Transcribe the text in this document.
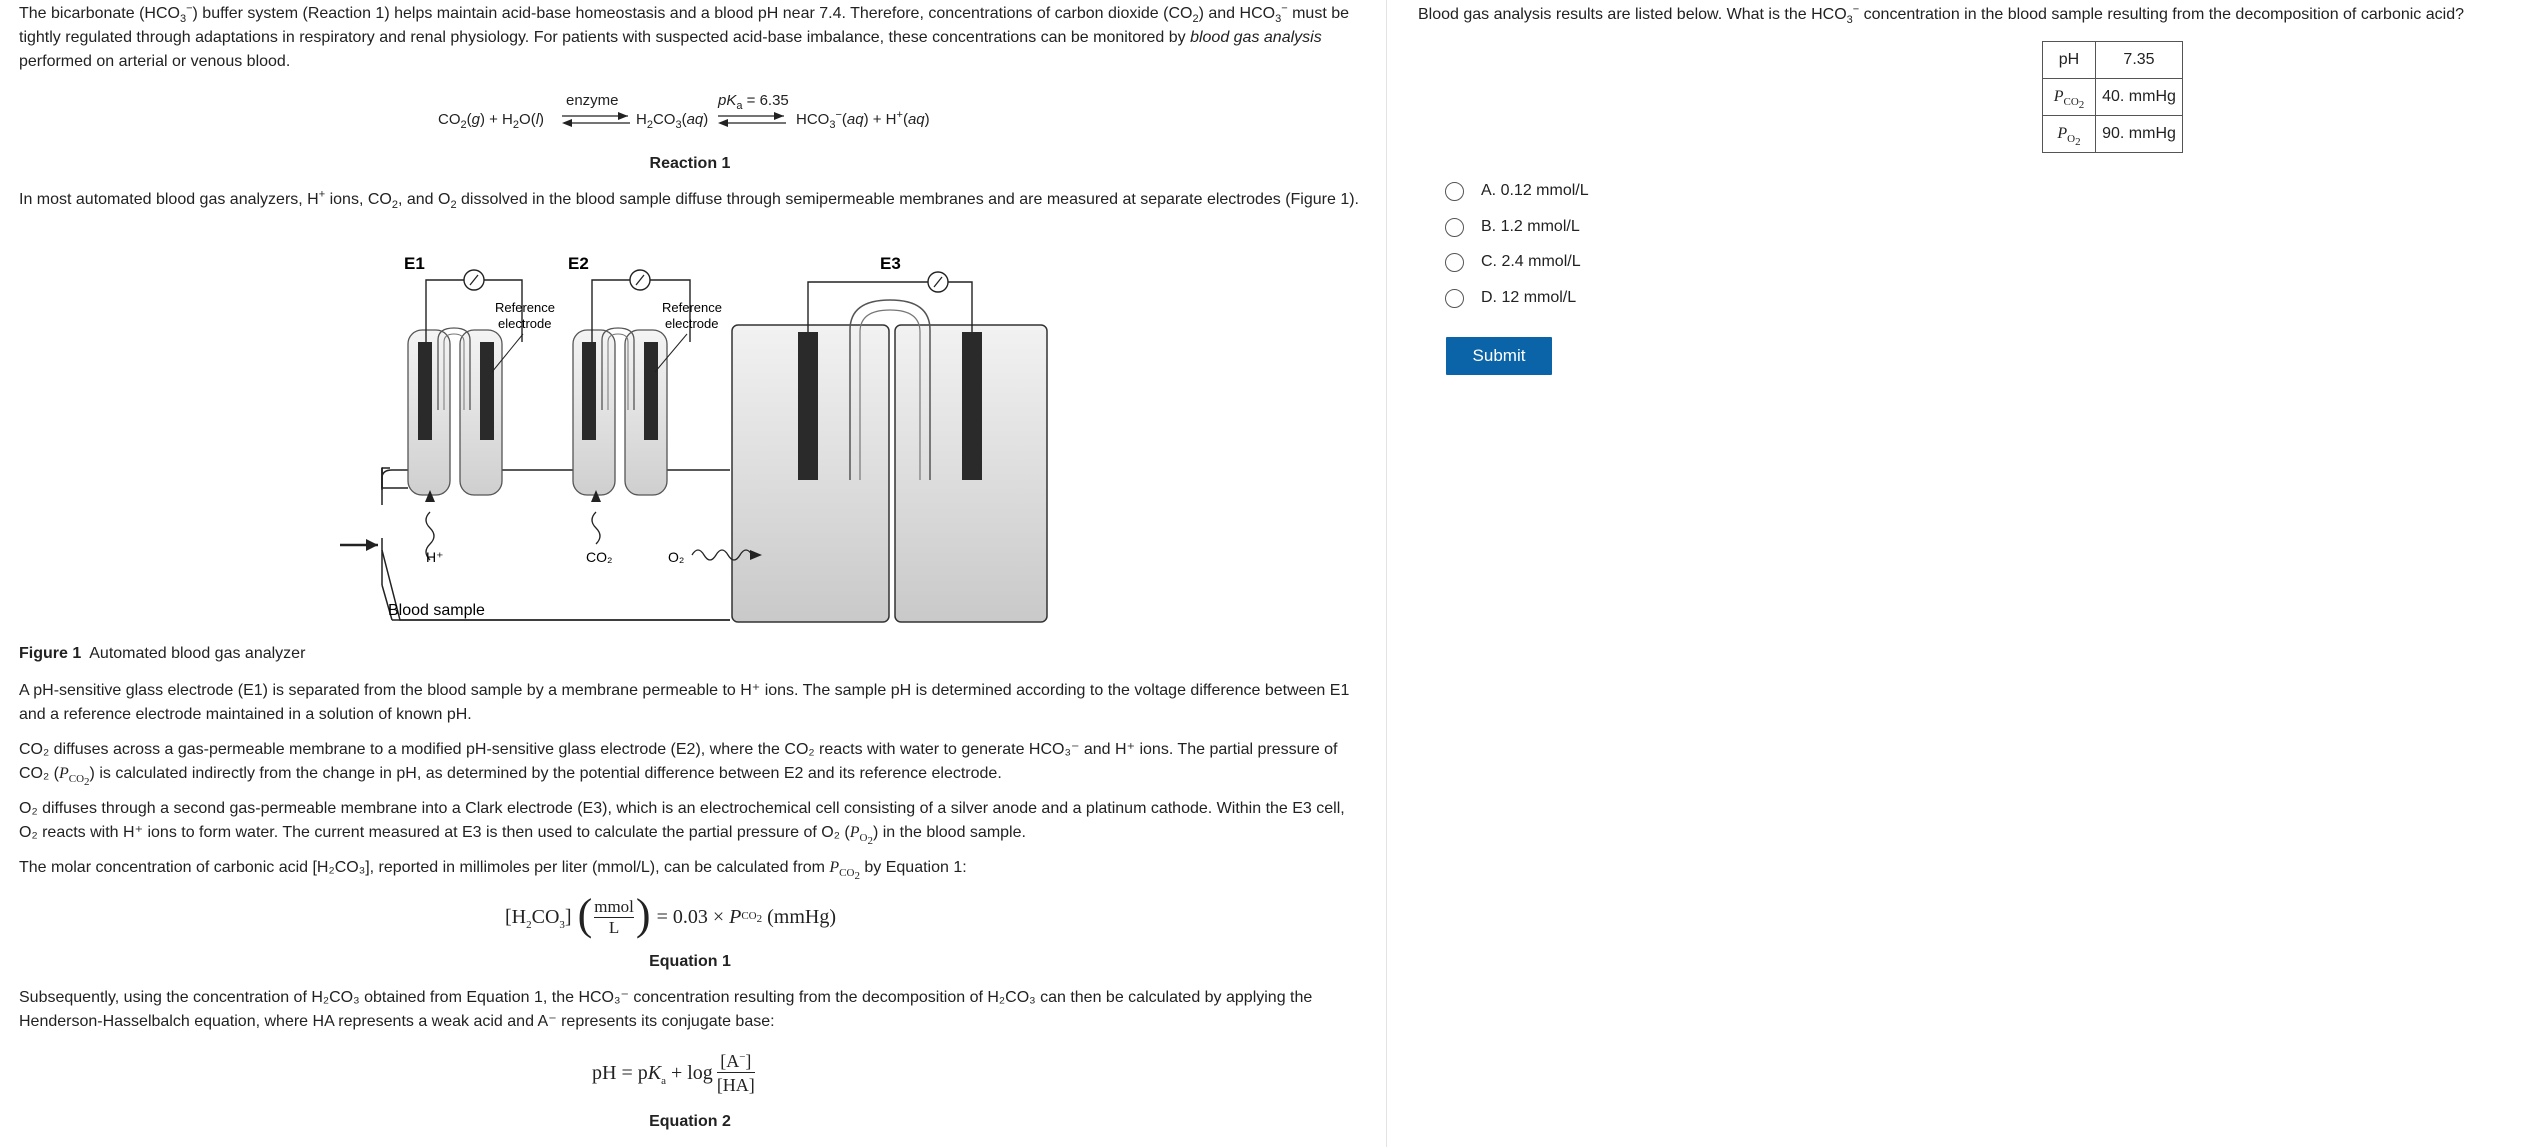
The bicarbonate $(HCO_3^-)$ buffer system (Reaction 1) helps maintain acid-base homeostasis and a blood pH near 7.4. Therefore, concentrations of carbon dioxide $(CO_2)$ and $HCO_3^-$ must be tightly regulated through adaptations in respiratory and renal physiology. For patients with suspected acid-base imbalance, these concentrations can be monitored by blood gas analysis performed on arterial or venous blood.

$CO_2(g) + H_2O(l)$
enzyme
$H_2CO_3(aq)$
$pK_a = 6.35$
$HCO_3^-(aq) + H^+(aq)$
Reaction 1

In most automated blood gas analyzers, H+ ions, $CO_2$, and $O_2$ dissolved in the blood sample diffuse through semipermeable membranes and are measured at separate electrodes (Figure 1).

E1	E2	E3
Reference
electrode
Reference
electrode
H⁺	CO₂	O₂
Blood sample
Figure 1 Automated blood gas analyzer

A pH-sensitive glass electrode (E1) is separated from the blood sample by a membrane permeable to H⁺ ions. The sample pH is determined according to the voltage difference between E1 and a reference electrode maintained in a solution of known pH.

CO₂ diffuses across a gas-permeable membrane to a modified pH-sensitive glass electrode (E2), where the CO₂ reacts with water to generate HCO₃⁻ and H⁺ ions. The partial pressure of CO₂ $(P_{CO_2})$ is calculated indirectly from the change in pH, as determined by the potential difference between E2 and its reference electrode.

O₂ diffuses through a second gas-permeable membrane into a Clark electrode (E3), which is an electrochemical cell consisting of a silver anode and a platinum cathode. Within the E3 cell, O₂ reacts with H⁺ ions to form water. The current measured at E3 is then used to calculate the partial pressure of O₂ $(P_{O_2})$ in the blood sample.

The molar concentration of carbonic acid [H₂CO₃], reported in millimoles per liter (mmol/L), can be calculated from $P_{CO_2}$ by Equation 1:

$[H_2CO_3]$ ( mmol
L ) = 0.03 ×
P $CO_2$
(mmHg)
Equation 1

Subsequently, using the concentration of H₂CO₃ obtained from Equation 1, the HCO₃⁻ concentration resulting from the decomposition of H₂CO₃ can then be calculated by applying the Henderson-Hasselbalch equation, where HA represents a weak acid and A⁻ represents its conjugate base:

pH = $pK_a + \log$
[A−]
[HA]
Equation 2
Blood gas analysis results are listed below. What is the $HCO_3^-$ concentration in the blood sample resulting from the decomposition of carbonic acid?
pH	7.35
$P_{CO_2}$	40. mmHg
$P_{O_2}$	90. mmHg
A.
0.12 mmol/L
B.
1.2 mmol/L
C.
2.4 mmol/L
D.
12 mmol/L
Submit
